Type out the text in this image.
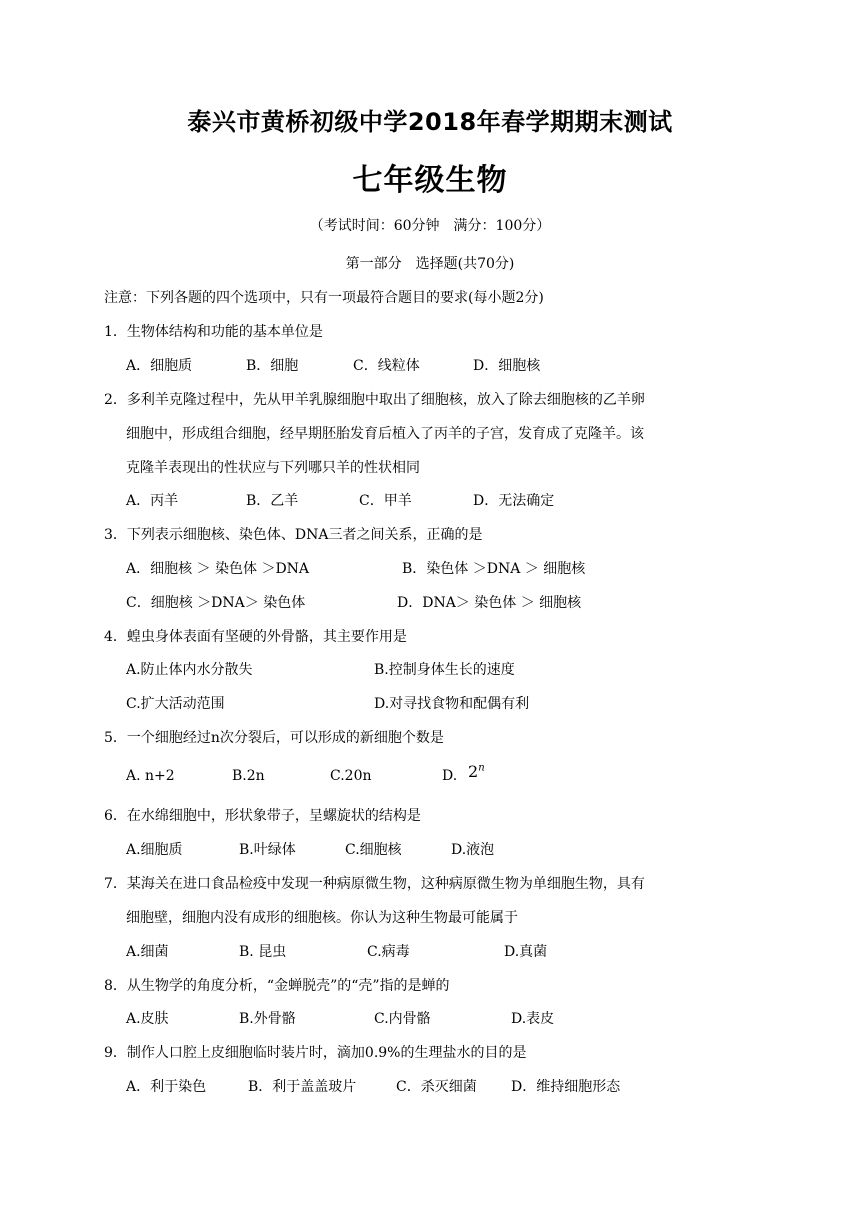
泰兴市黄桥初级中学2018年春学期期末测试
七年级生物
（考试时间：60分钟　满分：100分）
第一部分　选择题(共70分)
注意：下列各题的四个选项中，只有一项最符合题目的要求(每小题2分)
1．生物体结构和功能的基本单位是
A．细胞质	B．细胞	C．线粒体	D．细胞核
2．多利羊克隆过程中，先从甲羊乳腺细胞中取出了细胞核，放入了除去细胞核的乙羊卵
细胞中，形成组合细胞，经早期胚胎发育后植入了丙羊的子宫，发育成了克隆羊。该
克隆羊表现出的性状应与下列哪只羊的性状相同
A．丙羊	B．乙羊	C．甲羊	D．无法确定
3．下列表示细胞核、染色体、DNA三者之间关系，正确的是
A．细胞核 ＞ 染色体 ＞DNA	B．染色体 ＞DNA ＞ 细胞核
C．细胞核 ＞DNA＞ 染色体	D．DNA＞ 染色体 ＞ 细胞核
4．蝗虫身体表面有坚硬的外骨骼，其主要作用是
A.防止体内水分散失	B.控制身体生长的速度
C.扩大活动范围	D.对寻找食物和配偶有利
5．一个细胞经过n次分裂后，可以形成的新细胞个数是
A. n+2	B.2n	C.20n	D. 2$^n$
6．在水绵细胞中，形状象带子，呈螺旋状的结构是
A.细胞质	B.叶绿体	C.细胞核	D.液泡
7．某海关在进口食品检疫中发现一种病原微生物，这种病原微生物为单细胞生物，具有
细胞壁，细胞内没有成形的细胞核。你认为这种生物最可能属于
A.细菌	B. 昆虫	C.病毒	D.真菌
8．从生物学的角度分析，“金蝉脱壳”的“壳”指的是蝉的
A.皮肤	B.外骨骼	C.内骨骼	D.表皮
9．制作人口腔上皮细胞临时装片时，滴加0.9%的生理盐水的目的是
A．利于染色	B．利于盖盖玻片	C．杀灭细菌 D．维持细胞形态
